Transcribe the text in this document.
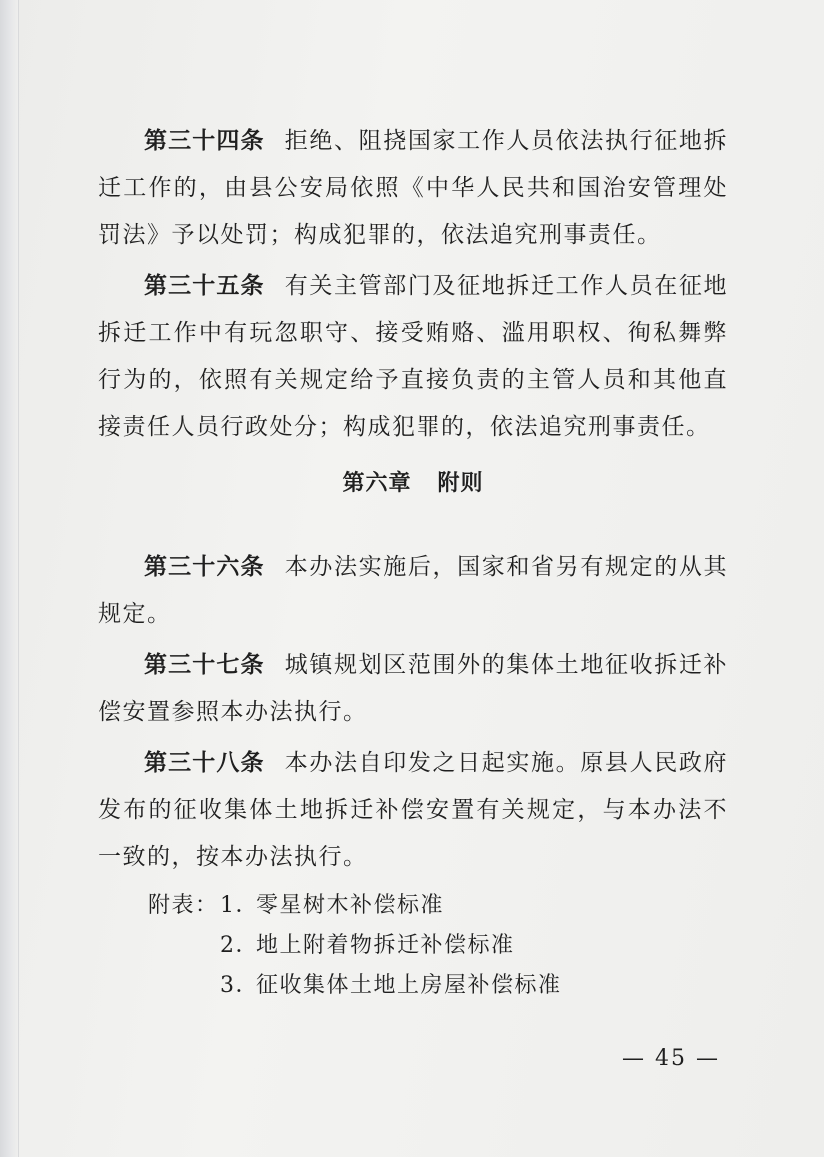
第三十四条 拒绝、阻挠国家工作人员依法执行征地拆迁工作的，由县公安局依照《中华人民共和国治安管理处罚法》予以处罚；构成犯罪的，依法追究刑事责任。

第三十五条 有关主管部门及征地拆迁工作人员在征地拆迁工作中有玩忽职守、接受贿赂、滥用职权、徇私舞弊行为的，依照有关规定给予直接负责的主管人员和其他直接责任人员行政处分；构成犯罪的，依法追究刑事责任。

第六章 附则

第三十六条 本办法实施后，国家和省另有规定的从其规定。

第三十七条 城镇规划区范围外的集体土地征收拆迁补偿安置参照本办法执行。

第三十八条 本办法自印发之日起实施。原县人民政府发布的征收集体土地拆迁补偿安置有关规定，与本办法不一致的，按本办法执行。

附表：1．零星树木补偿标准
2．地上附着物拆迁补偿标准
3．征收集体土地上房屋补偿标准
— 45 —
